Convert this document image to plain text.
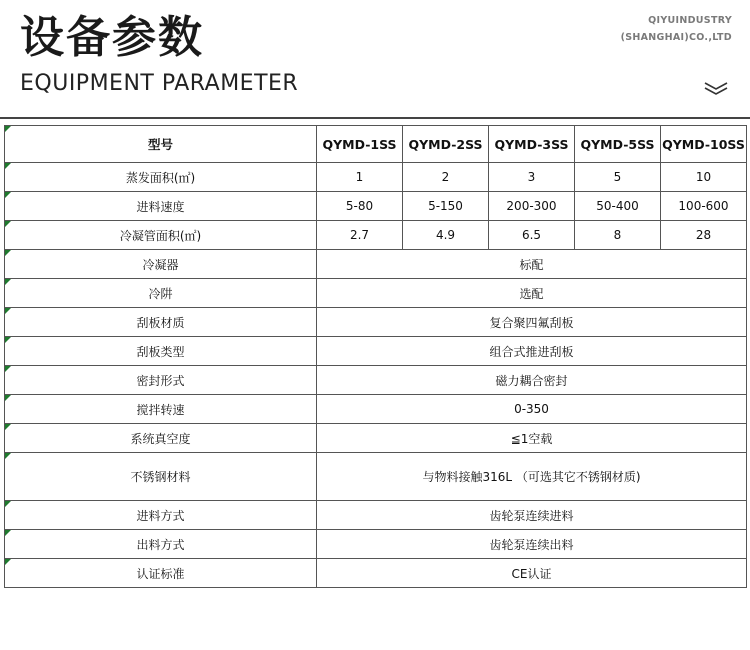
设备参数
EQUIPMENT PARAMETER
QIYUINDUSTRY
(SHANGHAI)CO.,LTD
型号	QYMD-1SS	QYMD-2SS	QYMD-3SS	QYMD-5SS	QYMD-10SS
蒸发面积(㎡)	1	2	3	5	10
进料速度	5-80	5-150	200-300	50-400	100-600
冷凝管面积(㎡)	2.7	4.9	6.5	8	28
冷凝器	标配				
冷阱	选配				
刮板材质	复合聚四氟刮板				
刮板类型	组合式推进刮板				
密封形式	磁力耦合密封				
搅拌转速	0-350				
系统真空度	≦1空载				
不锈钢材料	与物料接触316L （可选其它不锈钢材质)				
进料方式	齿轮泵连续进料				
出料方式	齿轮泵连续出料				
认证标准	CE认证				
